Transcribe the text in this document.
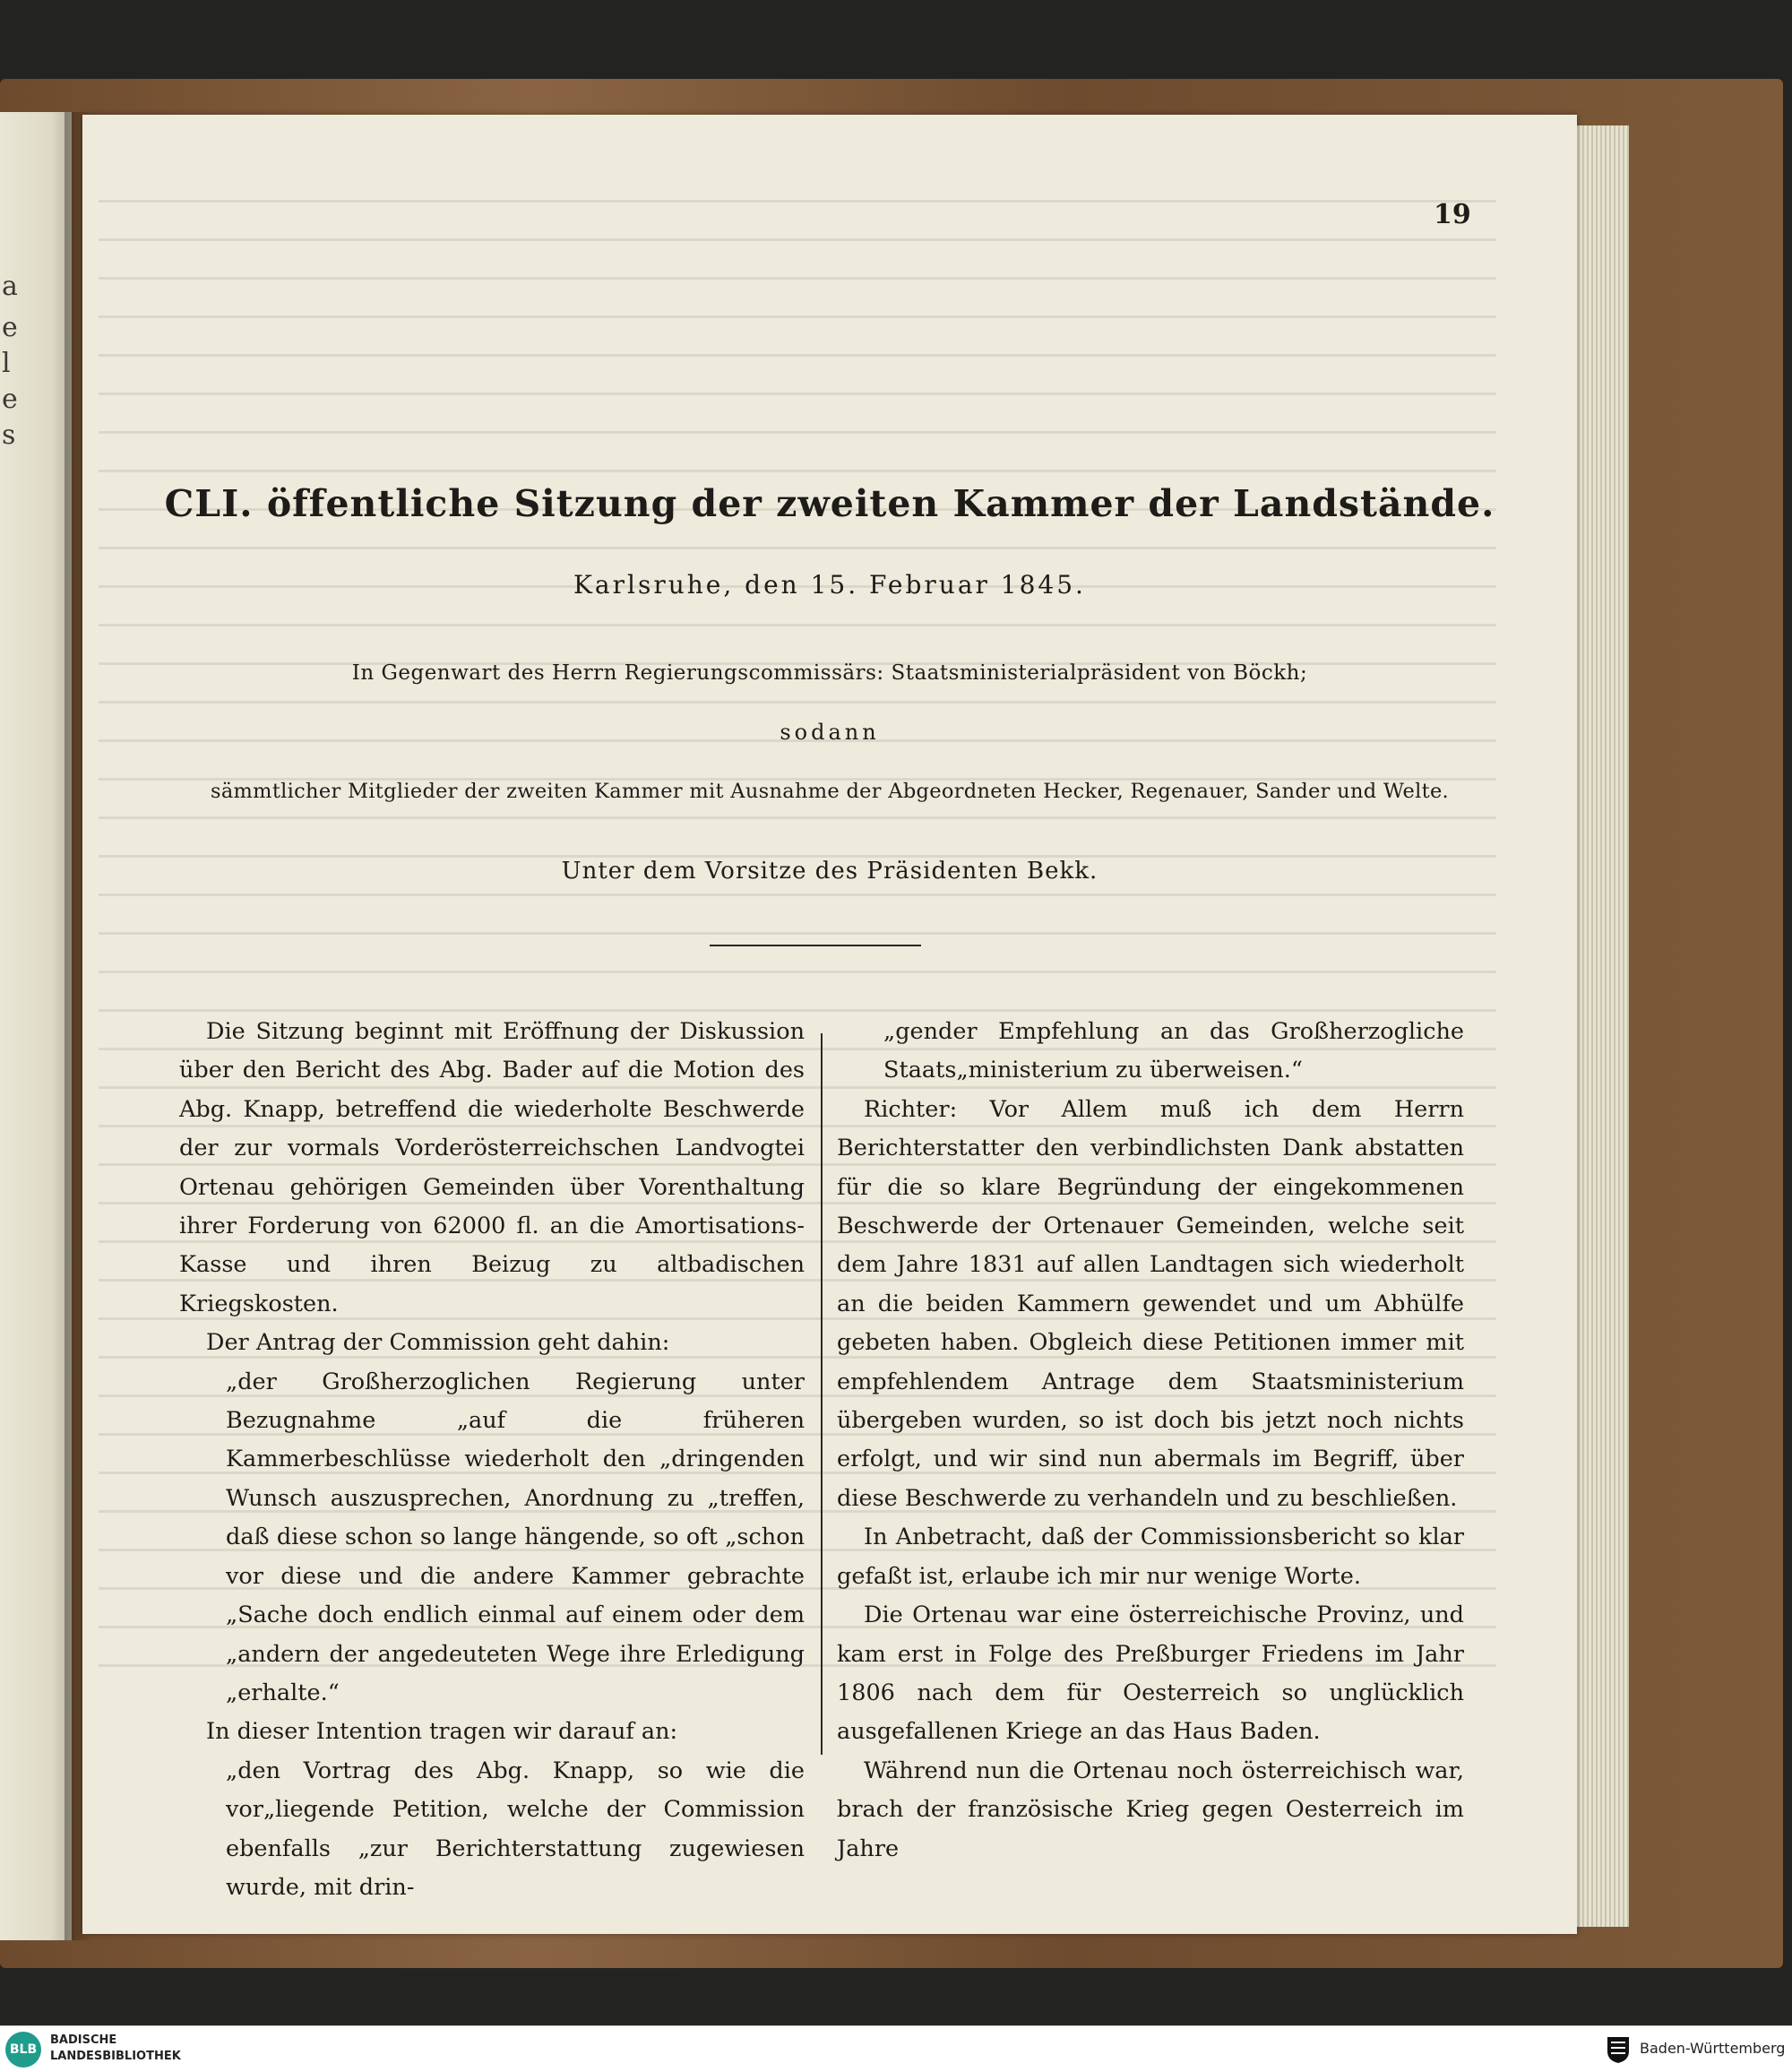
a
e
l
e
s
19
CLI. öffentliche Sitzung der zweiten Kammer der Landstände.
Karlsruhe, den 15. Februar 1845.
In Gegenwart des Herrn Regierungscommissärs: Staatsministerialpräsident von Böckh;
sodann
sämmtlicher Mitglieder der zweiten Kammer mit Ausnahme der Abgeordneten Hecker, Regenauer, Sander und Welte.
Unter dem Vorsitze des Präsidenten Bekk.

Die Sitzung beginnt mit Eröffnung der Diskussion über den Bericht des Abg. Bader auf die Motion des Abg. Knapp, betreffend die wiederholte Beschwerde der zur vormals Vorderösterreichschen Landvogtei Ortenau gehörigen Gemeinden über Vorenthaltung ihrer Forderung von 62000 fl. an die Amortisations-Kasse und ihren Beizug zu altbadischen Kriegskosten.

Der Antrag der Commission geht dahin:

„der Großherzoglichen Regierung unter Bezugnahme „auf die früheren Kammerbeschlüsse wiederholt den „dringenden Wunsch auszusprechen, Anordnung zu „treffen, daß diese schon so lange hängende, so oft „schon vor diese und die andere Kammer gebrachte „Sache doch endlich einmal auf einem oder dem „andern der angedeuteten Wege ihre Erledigung „erhalte.“

In dieser Intention tragen wir darauf an:

„den Vortrag des Abg. Knapp, so wie die vor„liegende Petition, welche der Commission ebenfalls „zur Berichterstattung zugewiesen wurde, mit drin-

„gender Empfehlung an das Großherzogliche Staats„ministerium zu überweisen.“

Richter: Vor Allem muß ich dem Herrn Berichterstatter den verbindlichsten Dank abstatten für die so klare Begründung der eingekommenen Beschwerde der Ortenauer Gemeinden, welche seit dem Jahre 1831 auf allen Landtagen sich wiederholt an die beiden Kammern gewendet und um Abhülfe gebeten haben. Obgleich diese Petitionen immer mit empfehlendem Antrage dem Staatsministerium übergeben wurden, so ist doch bis jetzt noch nichts erfolgt, und wir sind nun abermals im Begriff, über diese Beschwerde zu verhandeln und zu beschließen.

In Anbetracht, daß der Commissionsbericht so klar gefaßt ist, erlaube ich mir nur wenige Worte.

Die Ortenau war eine österreichische Provinz, und kam erst in Folge des Preßburger Friedens im Jahr 1806 nach dem für Oesterreich so unglücklich ausgefallenen Kriege an das Haus Baden.

Während nun die Ortenau noch österreichisch war, brach der französische Krieg gegen Oesterreich im Jahre

BLB
BADISCHE
LANDESBIBLIOTHEK	Baden-Württemberg
